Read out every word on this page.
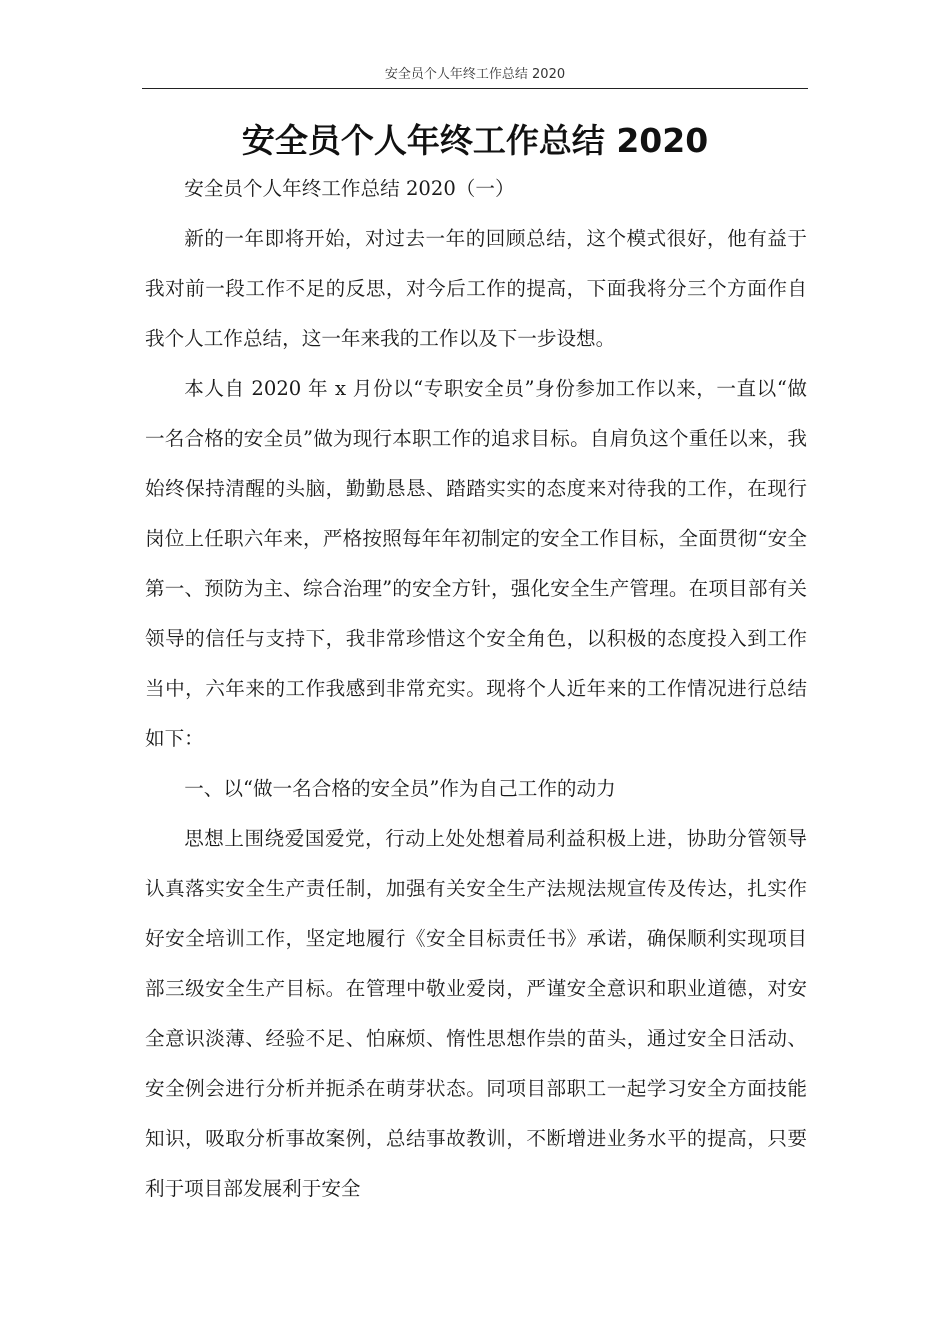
安全员个人年终工作总结 2020
安全员个人年终工作总结 2020

安全员个人年终工作总结 2020（一）

新的一年即将开始，对过去一年的回顾总结，这个模式很好，他有益于我对前一段工作不足的反思，对今后工作的提高，下面我将分三个方面作自我个人工作总结，这一年来我的工作以及下一步设想。

本人自 2020 年 x 月份以“专职安全员”身份参加工作以来，一直以“做一名合格的安全员”做为现行本职工作的追求目标。自肩负这个重任以来，我始终保持清醒的头脑，勤勤恳恳、踏踏实实的态度来对待我的工作，在现行岗位上任职六年来，严格按照每年年初制定的安全工作目标，全面贯彻“安全第一、预防为主、综合治理”的安全方针，强化安全生产管理。在项目部有关领导的信任与支持下，我非常珍惜这个安全角色，以积极的态度投入到工作当中，六年来的工作我感到非常充实。现将个人近年来的工作情况进行总结如下：

一、以“做一名合格的安全员”作为自己工作的动力

思想上围绕爱国爱党，行动上处处想着局利益积极上进，协助分管领导认真落实安全生产责任制，加强有关安全生产法规法规宣传及传达，扎实作好安全培训工作，坚定地履行《安全目标责任书》承诺，确保顺利实现项目部三级安全生产目标。在管理中敬业爱岗，严谨安全意识和职业道德，对安全意识淡薄、经验不足、怕麻烦、惰性思想作祟的苗头，通过安全日活动、安全例会进行分析并扼杀在萌芽状态。同项目部职工一起学习安全方面技能知识，吸取分析事故案例，总结事故教训，不断增进业务水平的提高，只要利于项目部发展利于安全
